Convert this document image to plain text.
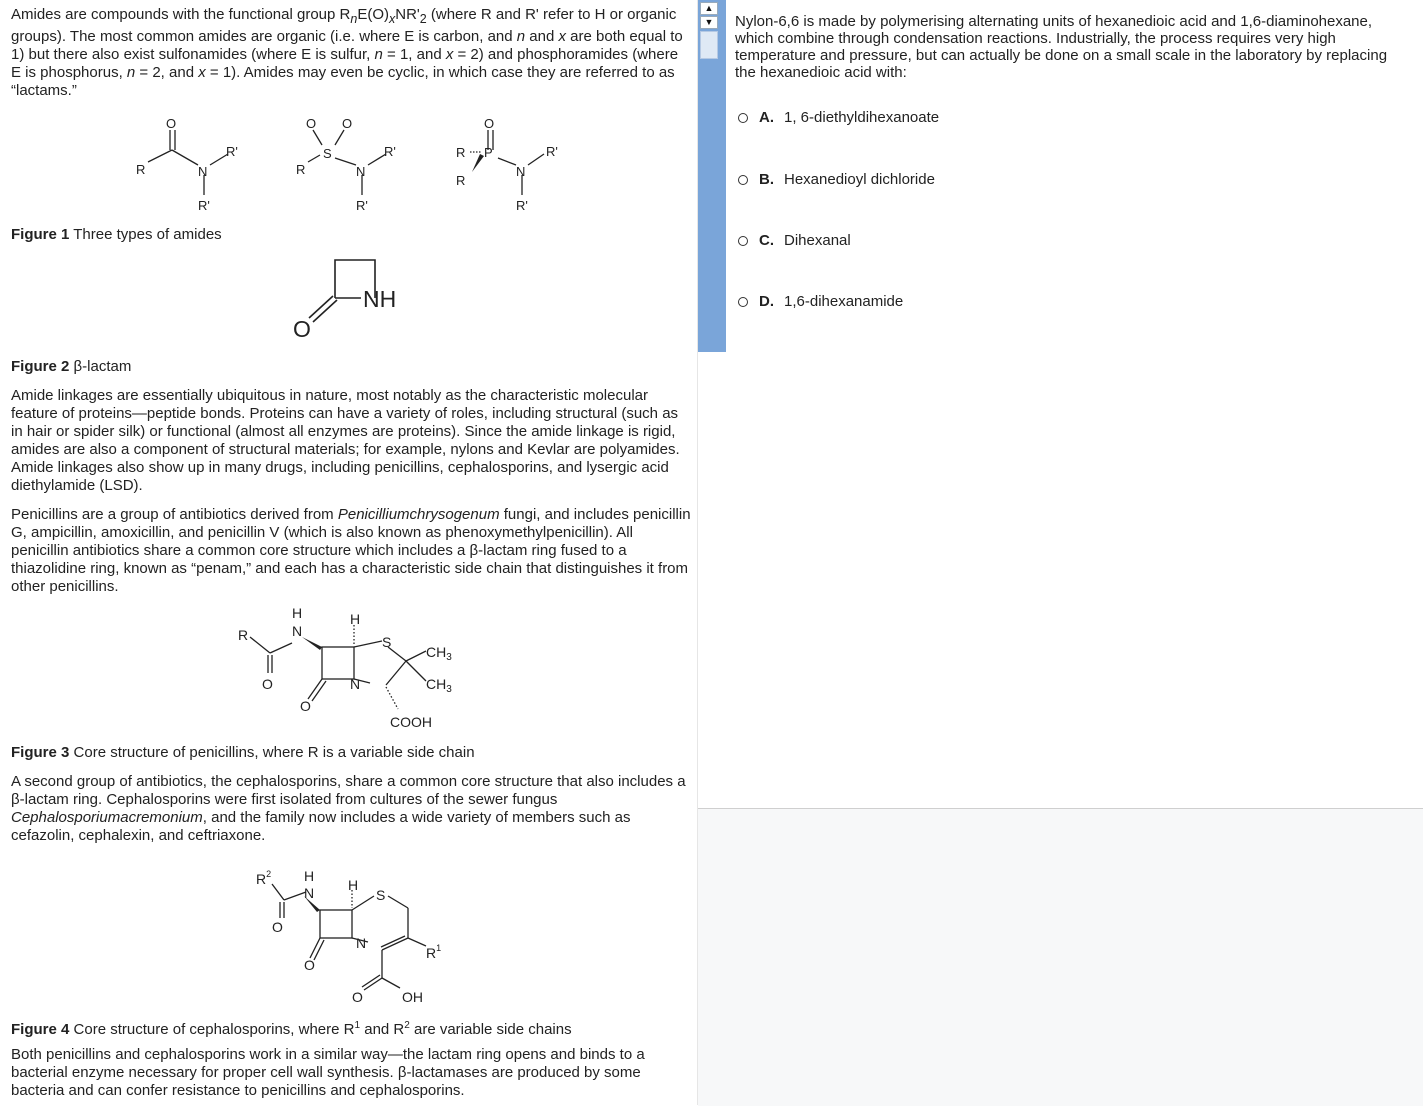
Amides are compounds with the functional group $R_nE(O)_xNR'_2$ (where R and R' refer to H or organic groups). The most common amides are organic (i.e. where E is carbon, and n and x are both equal to 1) but there also exist sulfonamides (where E is sulfur, n = 1, and x = 2) and phosphoramides (where E is phosphorus, n = 2, and x = 1). Amides may even be cyclic, in which case they are referred to as “lactams.”

R
O
N
R'
R'
R
O O
S
N
R'
R'
R
R
O
P
N
R'
R'
Figure 1 Three types of amides
NH
O
Figure 2 β-lactam

Amide linkages are essentially ubiquitous in nature, most notably as the characteristic molecular feature of proteins—peptide bonds. Proteins can have a variety of roles, including structural (such as in hair or spider silk) or functional (almost all enzymes are proteins). Since the amide linkage is rigid, amides are also a component of structural materials; for example, nylons and Kevlar are polyamides. Amide linkages also show up in many drugs, including penicillins, cephalosporins, and lysergic acid diethylamide (LSD).

Penicillins are a group of antibiotics derived from Penicilliumchrysogenum fungi, and includes penicillin G, ampicillin, amoxicillin, and penicillin V (which is also known as phenoxymethylpenicillin). All penicillin antibiotics share a common core structure which includes a β-lactam ring fused to a thiazolidine ring, known as “penam,” and each has a characteristic side chain that distinguishes it from other penicillins.

R
H
N
H
S
N
O
O
$CH_3$
$CH_3$
COOH
Figure 3 Core structure of penicillins, where R is a variable side chain

A second group of antibiotics, the cephalosporins, share a common core structure that also includes a β-lactam ring. Cephalosporins were first isolated from cultures of the sewer fungus Cephalosporiumacremonium, and the family now includes a wide variety of members such as cefazolin, cephalexin, and ceftriaxone.

$R^2$ H
N H
S
N
O
O
O	OH
$R^1$
Figure 4 Core structure of cephalosporins, where $R^1$ and $R^2$ are variable side chains

Both penicillins and cephalosporins work in a similar way—the lactam ring opens and binds to a bacterial enzyme necessary for proper cell wall synthesis. β-lactamases are produced by some bacteria and can confer resistance to penicillins and cephalosporins.

▲
▼	Nylon-6,6 is made by polymerising alternating units of hexanedioic acid and 1,6-diaminohexane, which combine through condensation reactions. Industrially, the process requires very high temperature and pressure, but can actually be done on a small scale in the laboratory by replacing the hexanedioic acid with:
A. 1, 6-diethyldihexanoate
B. Hexanedioyl dichloride
C. Dihexanal
D. 1,6-dihexanamide
